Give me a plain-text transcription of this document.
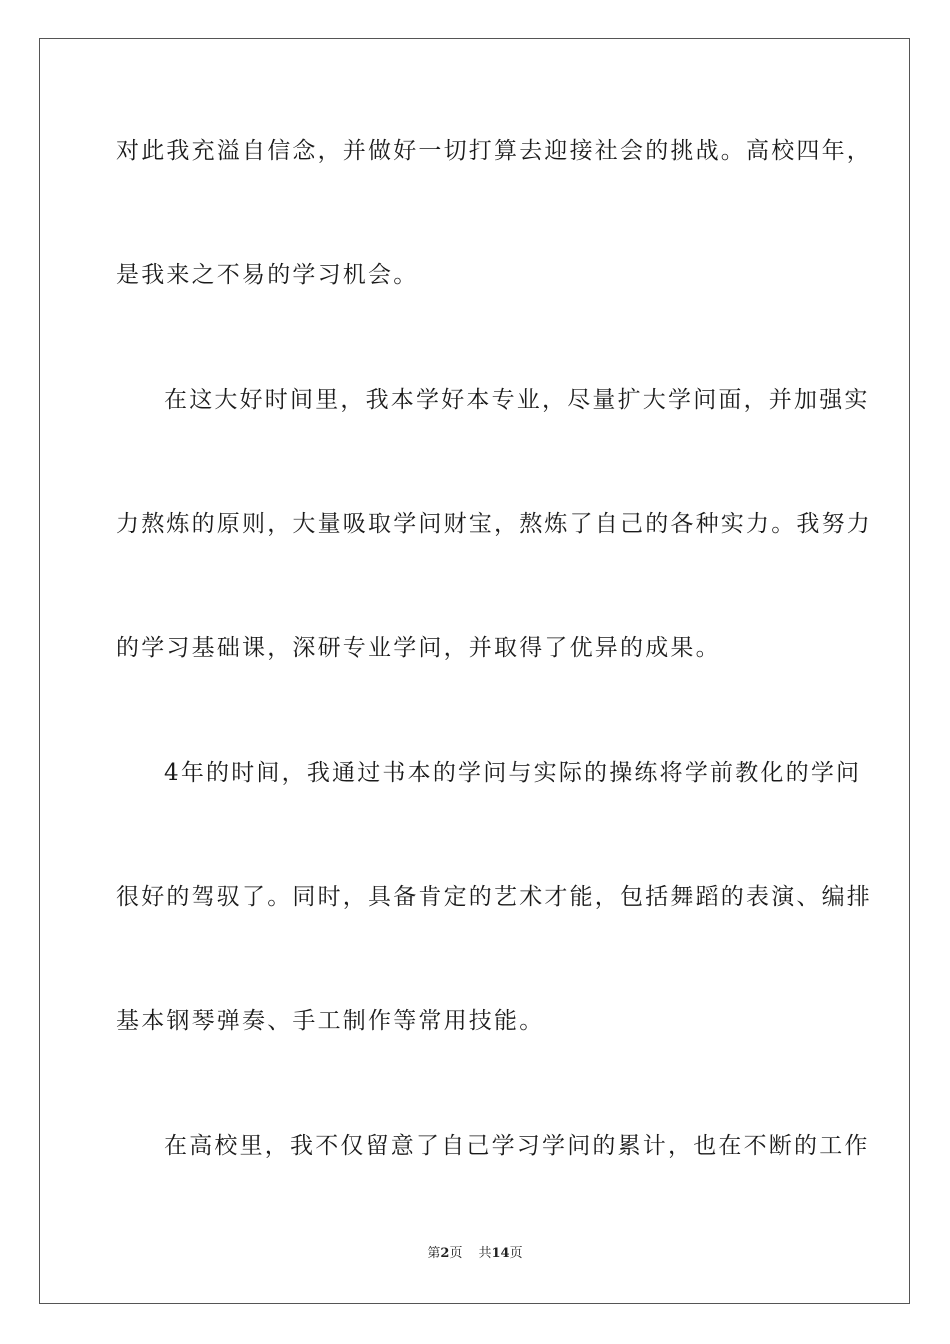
对此我充溢自信念，并做好一切打算去迎接社会的挑战。高校四年，
是我来之不易的学习机会。
在这大好时间里，我本学好本专业，尽量扩大学问面，并加强实
力熬炼的原则，大量吸取学问财宝，熬炼了自己的各种实力。我努力
的学习基础课，深研专业学问，并取得了优异的成果。
4年的时间，我通过书本的学问与实际的操练将学前教化的学问
很好的驾驭了。同时，具备肯定的艺术才能，包括舞蹈的表演、编排
基本钢琴弹奏、手工制作等常用技能。
在高校里，我不仅留意了自己学习学问的累计，也在不断的工作
第2页 共14页
